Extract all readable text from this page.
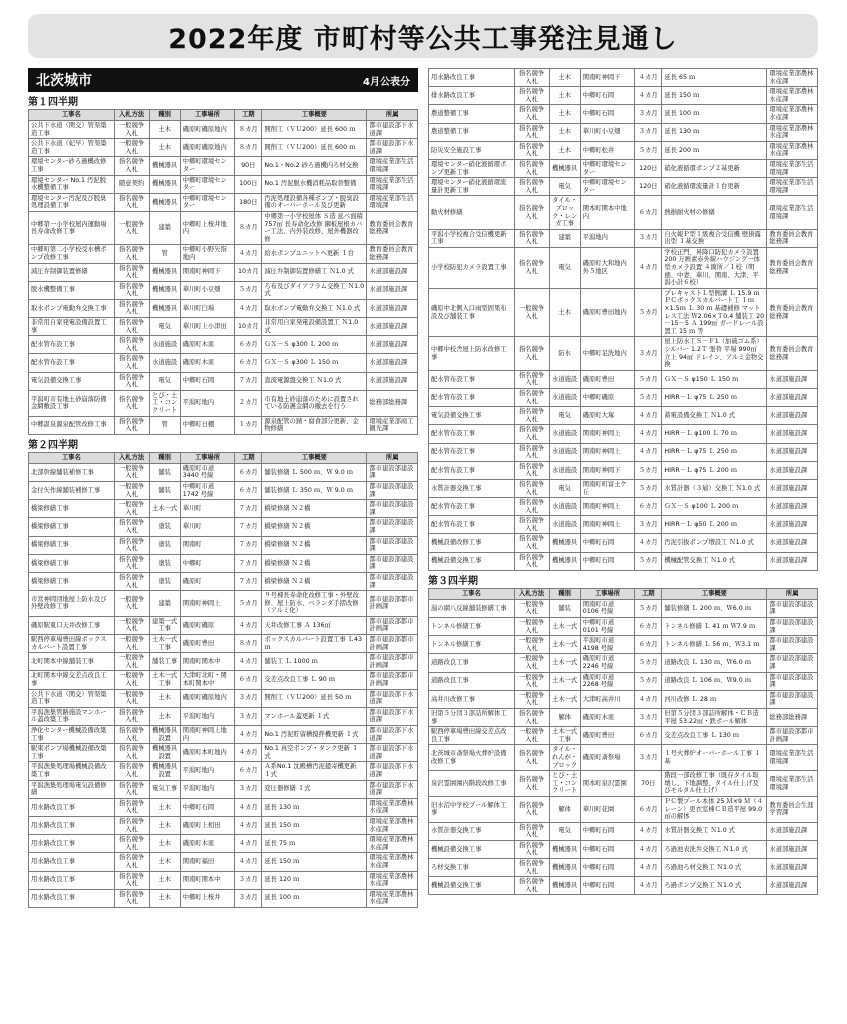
2022年度 市町村等公共工事発注見通し
北茨城市	4月公表分
第１四半期
工事名	入札方法	種別	工事場所	工期	工事概要	所属
公共下水道（関交）管渠築造工事	一般競争入札	土木	磯原町磯原地内	８カ月	開削工（ＶＵ200）延長 600 ｍ	都市建設部下水道課
公共下水道（妃早）管渠築造工事	一般競争入札	土木	磯原町磯原地内	８カ月	開削工（ＶＵ200）延長 600 ｍ	都市建設部下水道課
環境センター砂ろ過機改修工事	指名競争入札	機械器具	中郷町環境センター	90日	No.1・No.2 砂ろ過機内ろ材交換	環境産業部生活環境課
環境センター No.1 汚泥脱水機整備工事	随意契約	機械器具	中郷町環境センター	100日	No.1 汚泥脱水機消耗品取替整備	環境産業部生活環境課
環境センター汚泥及び脱臭処理設備工事	指名競争入札	機械器具	中郷町環境センター	180日	汚泥処理設備各種ポンプ・脱臭設備のオーバーホール及び更新	環境産業部生活環境課
中郷第一小学校屋内運動場長寿命改修工事	一般競争入札	建築	中郷町上桜井地内	８カ月	中郷第一小学校屋体 Ｓ造 延べ面積 757㎡ 長寿命化改修 鋼板屋根カバー工法、内外装改修、屋外機器改修	教育委員会教育総務課
中郷町第二小学校受水槽ポンプ改修工事	指名競争入札	管	中郷町小野矢指地内	４カ月	給水ポンプユニットへ更新 １台	教育委員会教育総務課
減圧弁制御装置修繕	指名競争入札	機械器具	関南町神岡下	10カ月	減圧弁制御装置修繕工 Ｎ1.0 式	水道部施設課
脱水機整備工事	指名競争入札	機械器具	華川町小豆畑	５カ月	ろ布及びダイアフラム交換工 Ｎ1.0 式	水道部施設課
取水ポンプ電動弁交換工事	指名競争入札	機械器具	華川町臼場	４カ月	取水ポンプ電動弁交換工 Ｎ1.0 式	水道部施設課
非常用自家発電設備設置工事	指名競争入札	電気	華川町上小津田	10カ月	非常用自家発電設備設置工 Ｎ1.0 式	水道部施設課
配水管布設工事	指名競争入札	水道施設	磯原町木皿	６カ月	ＧＸ－Ｓ φ300 Ｌ 200 ｍ	水道部施設課
配水管布設工事	指名競争入札	水道施設	磯原町木皿	６カ月	ＧＸ－Ｓ φ300 Ｌ 150 ｍ	水道部施設課
電気設備交換工事	指名競争入札	電気	中郷町石岡	７カ月	直流電源盤交換工 Ｎ1.0 式	水道部施設課
平潟町市有地土砂崩落防備金網敷設工事	指名競争入札	とび・土工・コンクリート	平潟町地内	２カ月	市有地土砂崩落のために設置されている防護金網の撤去を行う	総務部総務課
中郷温泉源泉配管改修工事	指名競争入札	管	中郷町日棚	１カ月	源泉配管の錆・腐食部分更新、金物修繕	環境産業部商工観光課
第２四半期
工事名	入札方法	種別	工事場所	工期	工事概要	所属
北部幹線舗装補修工事	一般競争入札	舗装	磯原町市道 3440 号線	６カ月	舗装修繕 Ｌ 500 ｍ、Ｗ 9.0 ｍ	都市建設部建設課
金付矢作線舗装補修工事	一般競争入札	舗装	中郷町市道 1742 号線	６カ月	舗装修繕 Ｌ 350 ｍ、Ｗ 9.0 ｍ	都市建設部建設課
橋梁修繕工事	一般競争入札	土木一式	華川町	７カ月	橋梁修繕 Ｎ２橋	都市建設部建設課
橋梁修繕工事	指名競争入札	塗装	華川町	７カ月	橋梁修繕 Ｎ２橋	都市建設部建設課
橋梁修繕工事	指名競争入札	塗装	関南町	７カ月	橋梁修繕 Ｎ２橋	都市建設部建設課
橋梁修繕工事	指名競争入札	塗装	中郷町	７カ月	橋梁修繕 Ｎ２橋	都市建設部建設課
橋梁修繕工事	指名競争入札	塗装	磯原町	７カ月	橋梁修繕 Ｎ２橋	都市建設部建設課
市営神岡団地屋上防水及び外壁改修工事	一般競争入札	建築	関南町神岡上	５カ月	９号棟長寿命化改修工事・外壁改修、屋上防水、ベランダ手摺改修（アルミ化）	都市建設部都市計画課
磯原駅東口天井改修工事	一般競争入札	建築一式工事	磯原町磯原	４カ月	天井改修工事 Ａ 136㎡	都市建設部都市計画課
駅西停車場豊田線ボックスカルバート設置工事	一般競争入札	土木一式工事	磯原町豊田	８カ月	ボックスカルバート設置工事 Ｌ43ｍ	都市建設部都市計画課
北町関本中線舗装工事	一般競争入札	舗装工事	関南町関本中	４カ月	舗装工 Ｌ 1000 ｍ	都市建設部都市計画課
北町関本中線交差点改良工事	一般競争入札	土木一式工事	大津町北町・関本町関本中	６カ月	交差点改良工事 Ｌ 90 ｍ	都市建設部都市計画課
公共下水道（関交）管渠築造工事	一般競争入札	土木	磯原町磯原地内	３カ月	開削工（ＶＵ200）延長 50 ｍ	都市建設部下水道課
平潟漁集管路施設マンホール蓋改築工事	指名競争入札	土木	平潟町地内	３カ月	マンホール蓋更新 １式	都市建設部下水道課
浄化センター機械設備改築工事	指名競争入札	機械器具設置	関南町神岡上地内	４カ月	No.1 汚泥貯留槽撹拌機更新 １式	都市建設部下水道課
駅東ポンプ場機械設備改築工事	指名競争入札	機械器具設置	磯原町本町地内	４カ月	No.1 真空ポンプ・タンク更新 １式	都市建設部下水道課
平潟漁集処理場機械設備改築工事	指名競争入札	機械器具設置	平潟町地内	６カ月	Ａ系No.1 沈殿槽汚泥掻寄機更新 １式	都市建設部下水道課
平潟漁集処理場電気設備修繕	指名競争入札	電気工事	平潟町地内	３カ月	変圧器修繕 １式	都市建設部下水道課
用水路改良工事	指名競争入札	土木	中郷町石岡	４カ月	延長 130 ｍ	環境産業部農林水産課
用水路改良工事	指名競争入札	土木	磯原町上相田	４カ月	延長 150 ｍ	環境産業部農林水産課
用水路改良工事	指名競争入札	土木	磯原町木皿	４カ月	延長 75 ｍ	環境産業部農林水産課
用水路改良工事	指名競争入札	土木	関南町福田	４カ月	延長 150 ｍ	環境産業部農林水産課
用水路改良工事	指名競争入札	土木	関南町関本中	３カ月	延長 120 ｍ	環境産業部農林水産課
用水路改良工事	指名競争入札	土木	中郷町上桜井	３カ月	延長 100 ｍ	環境産業部農林水産課
用水路改良工事	指名競争入札	土木	関南町神岡下	４カ月	延長 65 ｍ	環境産業部農林水産課
排水路改良工事	指名競争入札	土木	中郷町石岡	４カ月	延長 150 ｍ	環境産業部農林水産課
農道整備工事	指名競争入札	土木	中郷町石岡	３カ月	延長 100 ｍ	環境産業部農林水産課
農道整備工事	指名競争入札	土木	華川町小豆畑	３カ月	延長 130 ｍ	環境産業部農林水産課
防災安全施設工事	指名競争入札	土木	中郷町松井	５カ月	延長 200 ｍ	環境産業部農林水産課
環境センター硝化液循環ポンプ更新工事	指名競争入札	機械器具	中郷町環境センター	120日	硝化液循環ポンプ２基更新	環境産業部生活環境課
環境センター硝化液循環流量計更新工事	指名競争入札	電気	中郷町環境センター	120日	硝化液循環流量計１台更新	環境産業部生活環境課
動火材修繕	指名競争入札	タイル・ブロック・レンガ工事	関本町関本中地内	６カ月	熱損耐火材の修繕	環境産業部生活環境課
平潟小学校複合受信機更新工事	指名競争入札	建築	平潟地内	３カ月	自火報Ｐ型１級複合受信機 壁掛露出型 １基交換	教育委員会教育総務課
小学校防犯カメラ設置工事	指名競争入札	電気	磯原町大和地内外５地区	４カ月	学校正門、昇降口防犯カメラ設置 200 万画素赤外線ハウジング一体型カメラ設置 ４箇所／１校（明徳、中妻、華川、関南、大津、平潟小計６校）	教育委員会教育総務課
磯原中北側入口雨型固果布設及び舗装工事	一般競争入札	土木	磯原町豊田地内	５カ月	プレキャストＬ型側溝 Ｌ 15.9 ｍ ＰＣボックスカルバート工 １ｍ×1.5ｍ Ｌ 30 ｍ 基礎補修 マットレス工法 Ｗ2.06×Ｔ0.4 舗装工 20－15－5 Ａ 199㎡ ガードレール設置工 15 ｍ 等	教育委員会教育総務課
中郷中校舎屋上防水改修工事	指名競争入札	防水	中郷町足洗地内	３カ月	屋上防水工Ｓ－Ｆ1（加硫ゴム系）シルバー 1.2Ｔ 張替 平場 990㎡ 立上 94㎡ ドレイン、アルミ金物交換	教育委員会教育総務課
配水管布設工事	指名競争入札	水道施設	磯原町豊田	５カ月	ＧＸ－Ｓ φ150 Ｌ 150 ｍ	水道部施設課
配水管布設工事	指名競争入札	水道施設	中郷町磯原	５カ月	HIRR－Ｌ φ75 Ｌ 250 ｍ	水道部施設課
電気設備交換工事	指名競争入札	電気	磯原町大塚	４カ月	蓄電設備交換工 Ｎ1.0 式	水道部施設課
配水管布設工事	指名競争入札	水道施設	関南町神岡上	４カ月	HIRR－Ｌ φ100 Ｌ 70 ｍ	水道部施設課
配水管布設工事	指名競争入札	水道施設	関南町神岡上	４カ月	HIRR－Ｌ φ75 Ｌ 250 ｍ	水道部施設課
配水管布設工事	指名競争入札	水道施設	関南町神岡下	５カ月	HIRR－Ｌ φ75 Ｌ 200 ｍ	水道部施設課
水質計器交換工事	指名競争入札	電気	関南町町富士ケ丘	５カ月	水質計器（３層）交換工 Ｎ1.0 式	水道部施設課
配水管布設工事	指名競争入札	水道施設	関南町神岡上	６カ月	ＧＸ－Ｓ φ100 Ｌ 200 ｍ	水道部施設課
配水管布設工事	指名競争入札	水道施設	関南町神岡上	３カ月	HIRR－Ｌ φ50 Ｌ 200 ｍ	水道部施設課
機械設備改修工事	指名競争入札	機械器具	中郷町石岡	４カ月	汚泥引抜ポンプ増設工 Ｎ1.0 式	水道部施設課
機械設備交換工事	指名競争入札	機械器具	中郷町石岡	５カ月	機械配管交換工 Ｎ1.0 式	水道部施設課
第３四半期
工事名	入札方法	種別	工事場所	工期	工事概要	所属
湯の網八反線舗装修繕工事	一般競争入札	舗装	関南町市道 0106 号線	５カ月	舗装修繕 Ｌ 200 ｍ、Ｗ6.0 ｍ	都市建設部建設課
トンネル修繕工事	一般競争入札	土木一式	中郷町市道 0101 号線	６カ月	トンネル修繕 Ｌ 41 ｍ Ｗ7.9 ｍ	都市建設部建設課
トンネル修繕工事	一般競争入札	土木一式	平潟町市道 4198 号線	６カ月	トンネル修繕 Ｌ 56 ｍ、Ｗ3.1 ｍ	都市建設部建設課
道路改良工事	一般競争入札	土木一式	磯原町市道 2246 号線	５カ月	道路改良 Ｌ 130 ｍ、Ｗ6.0 ｍ	都市建設部建設課
道路改良工事	一般競争入札	土木一式	磯原町市道 2268 号線	５カ月	道路改良 Ｌ 106 ｍ、Ｗ9.0 ｍ	都市建設部建設課
高井川改修工事	一般競争入札	土木一式	大津町高井川	４カ月	河川改修 Ｌ 28 ｍ	都市建設部建設課
旧第５分団３部詰所解体工事	指名競争入札	解体	磯原町木皿	３カ月	旧第５分団３部詰所解体・ＣＢ造平屋 53.22㎡・鉄ポール解体	総務部総務課
駅西停車場豊田線交差点改良工事	一般競争入札	土木一式工事	磯原町豊田	６カ月	交差点改良工事 Ｌ 130 ｍ	都市建設部都市計画課
北茨城市斎祭場火葬炉設備改修工事	指名競争入札	タイル・れんが・ブロック	磯原町斎祭場	３カ月	１号火葬炉オーバーホール工事 １基	環境産業部生活環境課
泉沢霊園園内階段改修工事	指名競争入札	とび・土工・コンクリート	関本町泉沢霊園	70日	階段一部改修工事（既存タイル取壊し、下地調整、タイル仕上げ及びモルタル仕上げ）	環境産業部生活環境課
旧水沼中学校プール解体工事	指名競争入札	解体	華川町花園	６カ月	ＰＣ製プール本体 25 Ｍ×9 Ｍ（４レーン）更衣室棟ＣＢ造平屋 99.0㎡の解体	教育委員会生涯学習課
水質計器交換工事	指名競争入札	電気	中郷町石岡	４カ月	水質計器交換工 Ｎ1.0 式	水道部施設課
機械設備交換工事	指名競争入札	機械器具	中郷町石岡	４カ月	ろ過池表洗弁交換工 Ｎ1.0 式	水道部施設課
ろ材交換工事	指名競争入札	機械器具	中郷町石岡	４カ月	ろ過池ろ材交換工 Ｎ1.0 式	水道部施設課
機械設備交換工事	指名競争入札	機械器具	中郷町石岡	４カ月	ろ過ポンプ交換工 Ｎ1.0 式	水道部施設課
